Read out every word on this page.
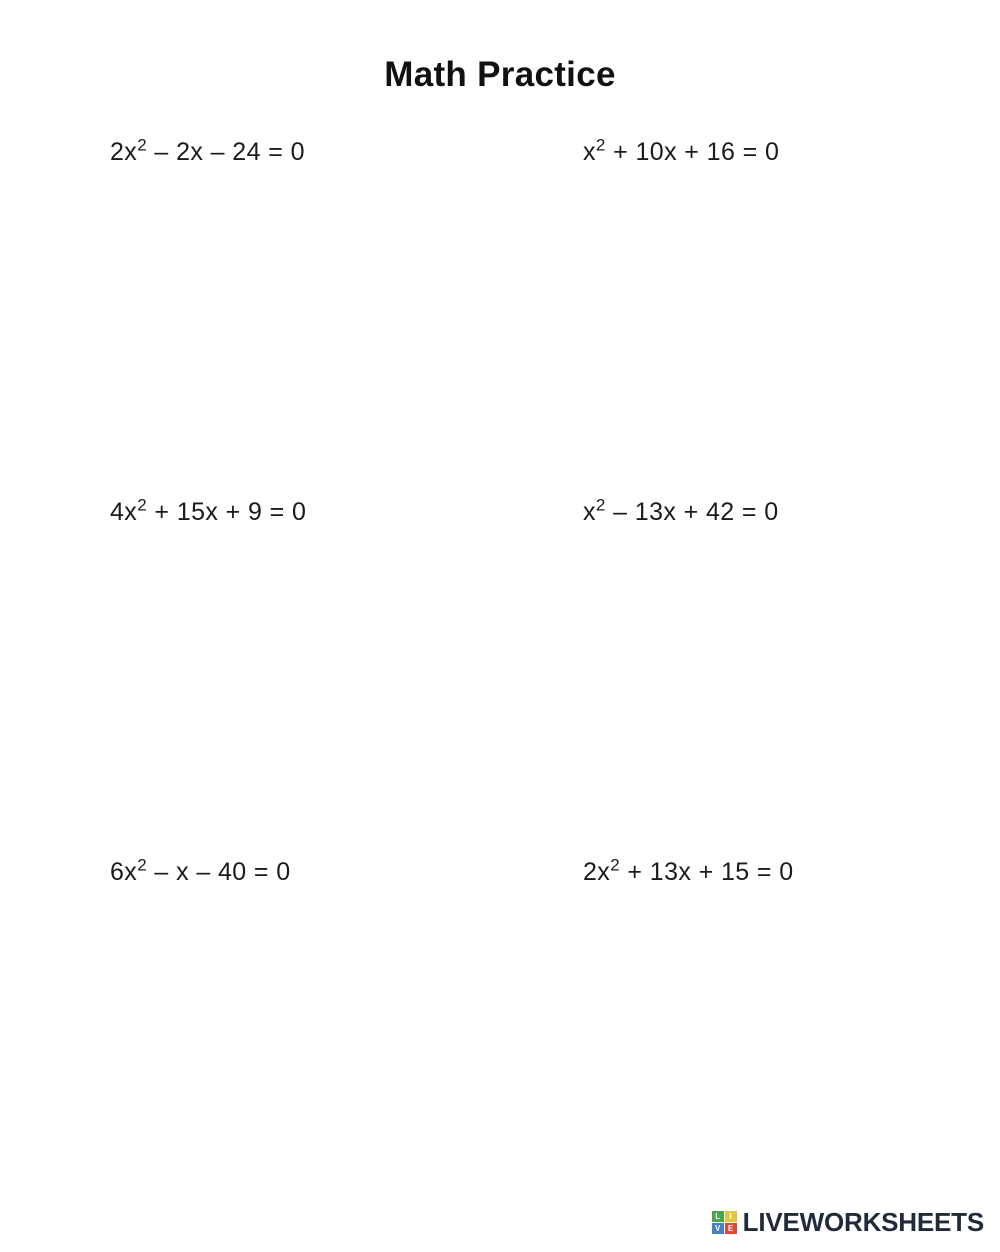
Math Practice
$2x^2 - 2x - 24 = 0$	$x^2 + 10x + 16 = 0$
$4x^2 + 15x + 9 = 0$	$x^2 - 13x + 42 = 0$
$6x^2 - x - 40 = 0$	$2x^2 + 13x + 15 = 0$
L	I
V E LIVEWORKSHEETS
